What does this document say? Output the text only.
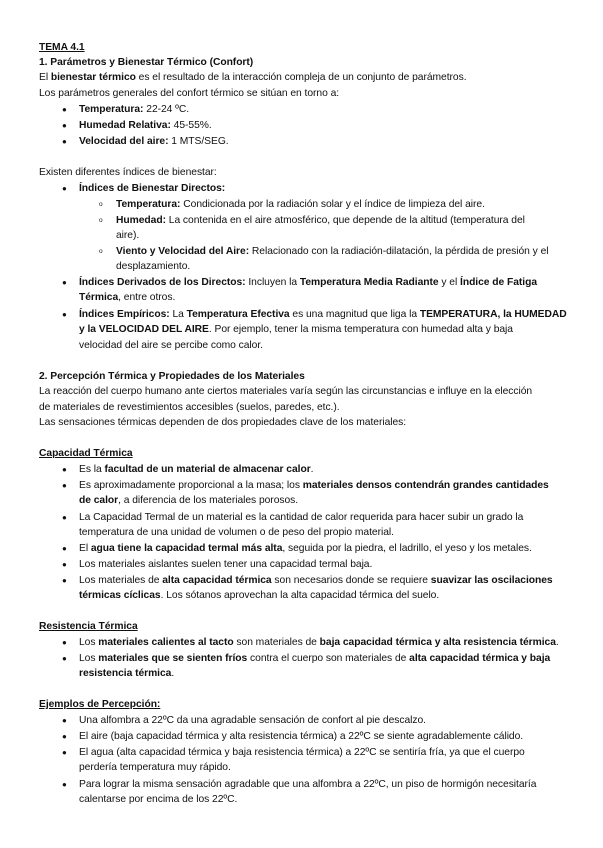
TEMA 4.1
1. Parámetros y Bienestar Térmico (Confort)
El bienestar térmico es el resultado de la interacción compleja de un conjunto de parámetros.
Los parámetros generales del confort térmico se sitúan en torno a:
● Temperatura: 22-24 ºC.
● Humedad Relativa: 45-55%.
● Velocidad del aire: 1 MTS/SEG.
Existen diferentes índices de bienestar:
● Índices de Bienestar Directos:
o Temperatura: Condicionada por la radiación solar y el índice de limpieza del aire.
o Humedad: La contenida en el aire atmosférico, que depende de la altitud (temperatura del
aire).
o Viento y Velocidad del Aire: Relacionado con la radiación-dilatación, la pérdida de presión y el
desplazamiento.
● Índices Derivados de los Directos: Incluyen la Temperatura Media Radiante y el Índice de Fatiga
Térmica, entre otros.
● Índices Empíricos: La Temperatura Efectiva es una magnitud que liga la TEMPERATURA, la HUMEDAD
y la VELOCIDAD DEL AIRE. Por ejemplo, tener la misma temperatura con humedad alta y baja
velocidad del aire se percibe como calor.
2. Percepción Térmica y Propiedades de los Materiales
La reacción del cuerpo humano ante ciertos materiales varía según las circunstancias e influye en la elección
de materiales de revestimientos accesibles (suelos, paredes, etc.).
Las sensaciones térmicas dependen de dos propiedades clave de los materiales:
Capacidad Térmica
● Es la facultad de un material de almacenar calor.
● Es aproximadamente proporcional a la masa; los materiales densos contendrán grandes cantidades
de calor, a diferencia de los materiales porosos.
● La Capacidad Termal de un material es la cantidad de calor requerida para hacer subir un grado la
temperatura de una unidad de volumen o de peso del propio material.
● El agua tiene la capacidad termal más alta, seguida por la piedra, el ladrillo, el yeso y los metales.
● Los materiales aislantes suelen tener una capacidad termal baja.
● Los materiales de alta capacidad térmica son necesarios donde se requiere suavizar las oscilaciones
térmicas cíclicas. Los sótanos aprovechan la alta capacidad térmica del suelo.
Resistencia Térmica
● Los materiales calientes al tacto son materiales de baja capacidad térmica y alta resistencia térmica.
● Los materiales que se sienten fríos contra el cuerpo son materiales de alta capacidad térmica y baja
resistencia térmica.
Ejemplos de Percepción:
● Una alfombra a 22ºC da una agradable sensación de confort al pie descalzo.
● El aire (baja capacidad térmica y alta resistencia térmica) a 22ºC se siente agradablemente cálido.
● El agua (alta capacidad térmica y baja resistencia térmica) a 22ºC se sentiría fría, ya que el cuerpo
perdería temperatura muy rápido.
● Para lograr la misma sensación agradable que una alfombra a 22ºC, un piso de hormigón necesitaría
calentarse por encima de los 22ºC.
